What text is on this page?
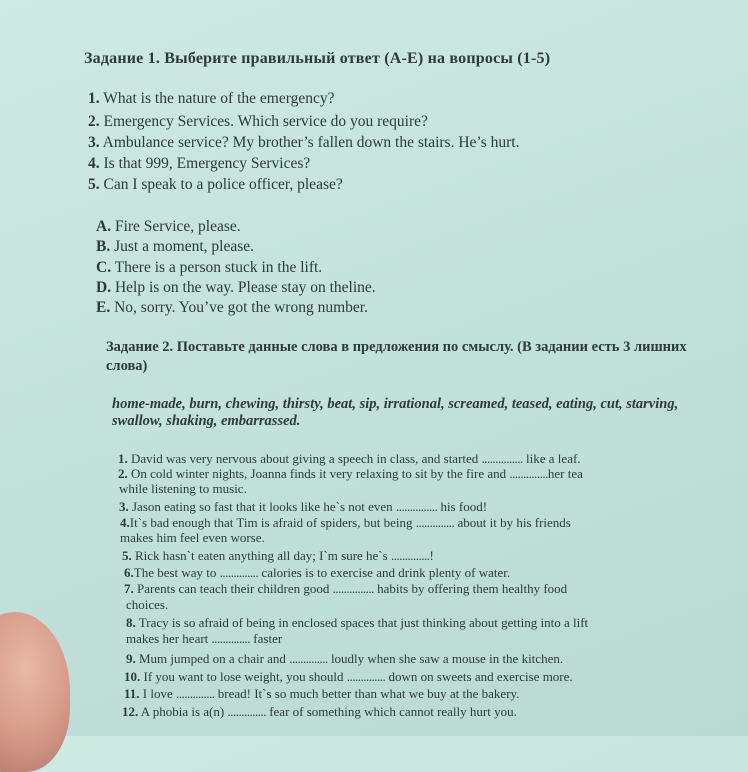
Задание 1. Выберите правильный ответ (A-E) на вопросы (1-5)
1. What is the nature of the emergency?
2. Emergency Services. Which service do you require?
3. Ambulance service? My brother’s fallen down the stairs. He’s hurt.
4. Is that 999, Emergency Services?
5. Can I speak to a police officer, please?
A. Fire Service, please.
B. Just a moment, please.
C. There is a person stuck in the lift.
D. Help is on the way. Please stay on theline.
E. No, sorry. You’ve got the wrong number.
Задание 2. Поставьте данные слова в предложения по смыслу. (В задании есть 3 лишних слова)
home-made, burn, chewing, thirsty, beat, sip, irrational, screamed, teased, eating, cut, starving, swallow, shaking, embarrassed.
1. David was very nervous about giving a speech in class, and started ............... like a leaf.
2. On cold winter nights, Joanna finds it very relaxing to sit by the fire and ..............her tea
while listening to music.
3. Jason eating so fast that it looks like he`s not even ............... his food!
4.It`s bad enough that Tim is afraid of spiders, but being .............. about it by his friends
makes him feel even worse.
5. Rick hasn`t eaten anything all day; I`m sure he`s ..............!
6.The best way to .............. calories is to exercise and drink plenty of water.
7. Parents can teach their children good ............... habits by offering them healthy food
choices.
8. Tracy is so afraid of being in enclosed spaces that just thinking about getting into a lift
makes her heart .............. faster
9. Mum jumped on a chair and .............. loudly when she saw a mouse in the kitchen.
10. If you want to lose weight, you should .............. down on sweets and exercise more.
11. I love .............. bread! It`s so much better than what we buy at the bakery.
12. A phobia is a(n) .............. fear of something which cannot really hurt you.
